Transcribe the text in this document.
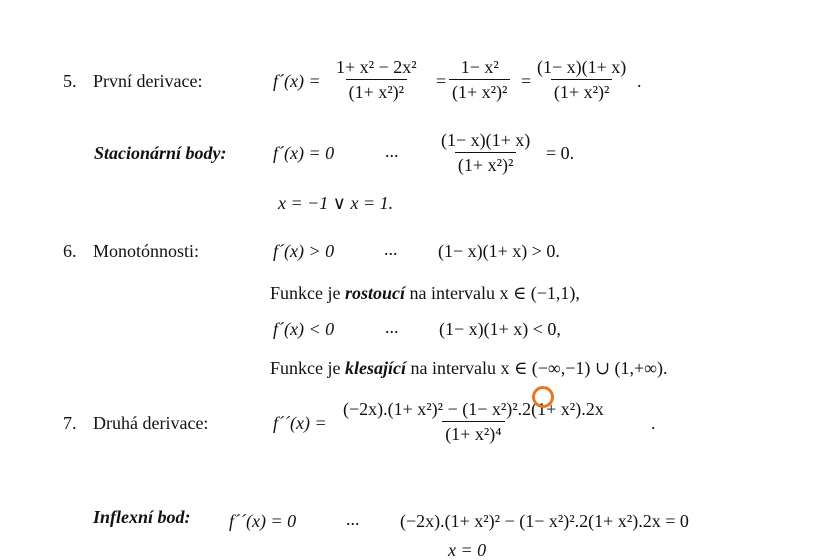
5. První derivace:	f´(x) = $\frac{\text{1+ x² − 2x²}}{\text{(1+ x²)²}} = \frac{\text{1− x²}}{\text{(1+ x²)²}} = \frac{(1- x)(1+ x)}{\text{(1+ x²)²}}$ .
Stacionární body:	f´(x) = 0	... $\frac{(1- x)(1+ x)}{\text{(1+ x²)²}} = 0$.
x = −1 ∨ x = 1.
6. Monotónnosti:	f´(x) > 0	... (1− x)(1+ x) > 0.
Funkce je rostoucí na intervalu x ∈ (−1,1),
f´(x) < 0	... (1− x)(1+ x) < 0,
Funkce je klesající na intervalu x ∈ (−∞,−1) ∪ (1,+∞).
7. Druhá derivace:	f´´(x) = $\frac{\text{(−2x).(1+ x²)² − (1− x²)².2(1+ x²).2x}}{\text{(1+ x²)⁴}}$ .
Inflexní bod: f´´(x) = 0	... (−2x).(1+ x²)² − (1− x²)².2(1+ x²).2x = 0
x = 0
